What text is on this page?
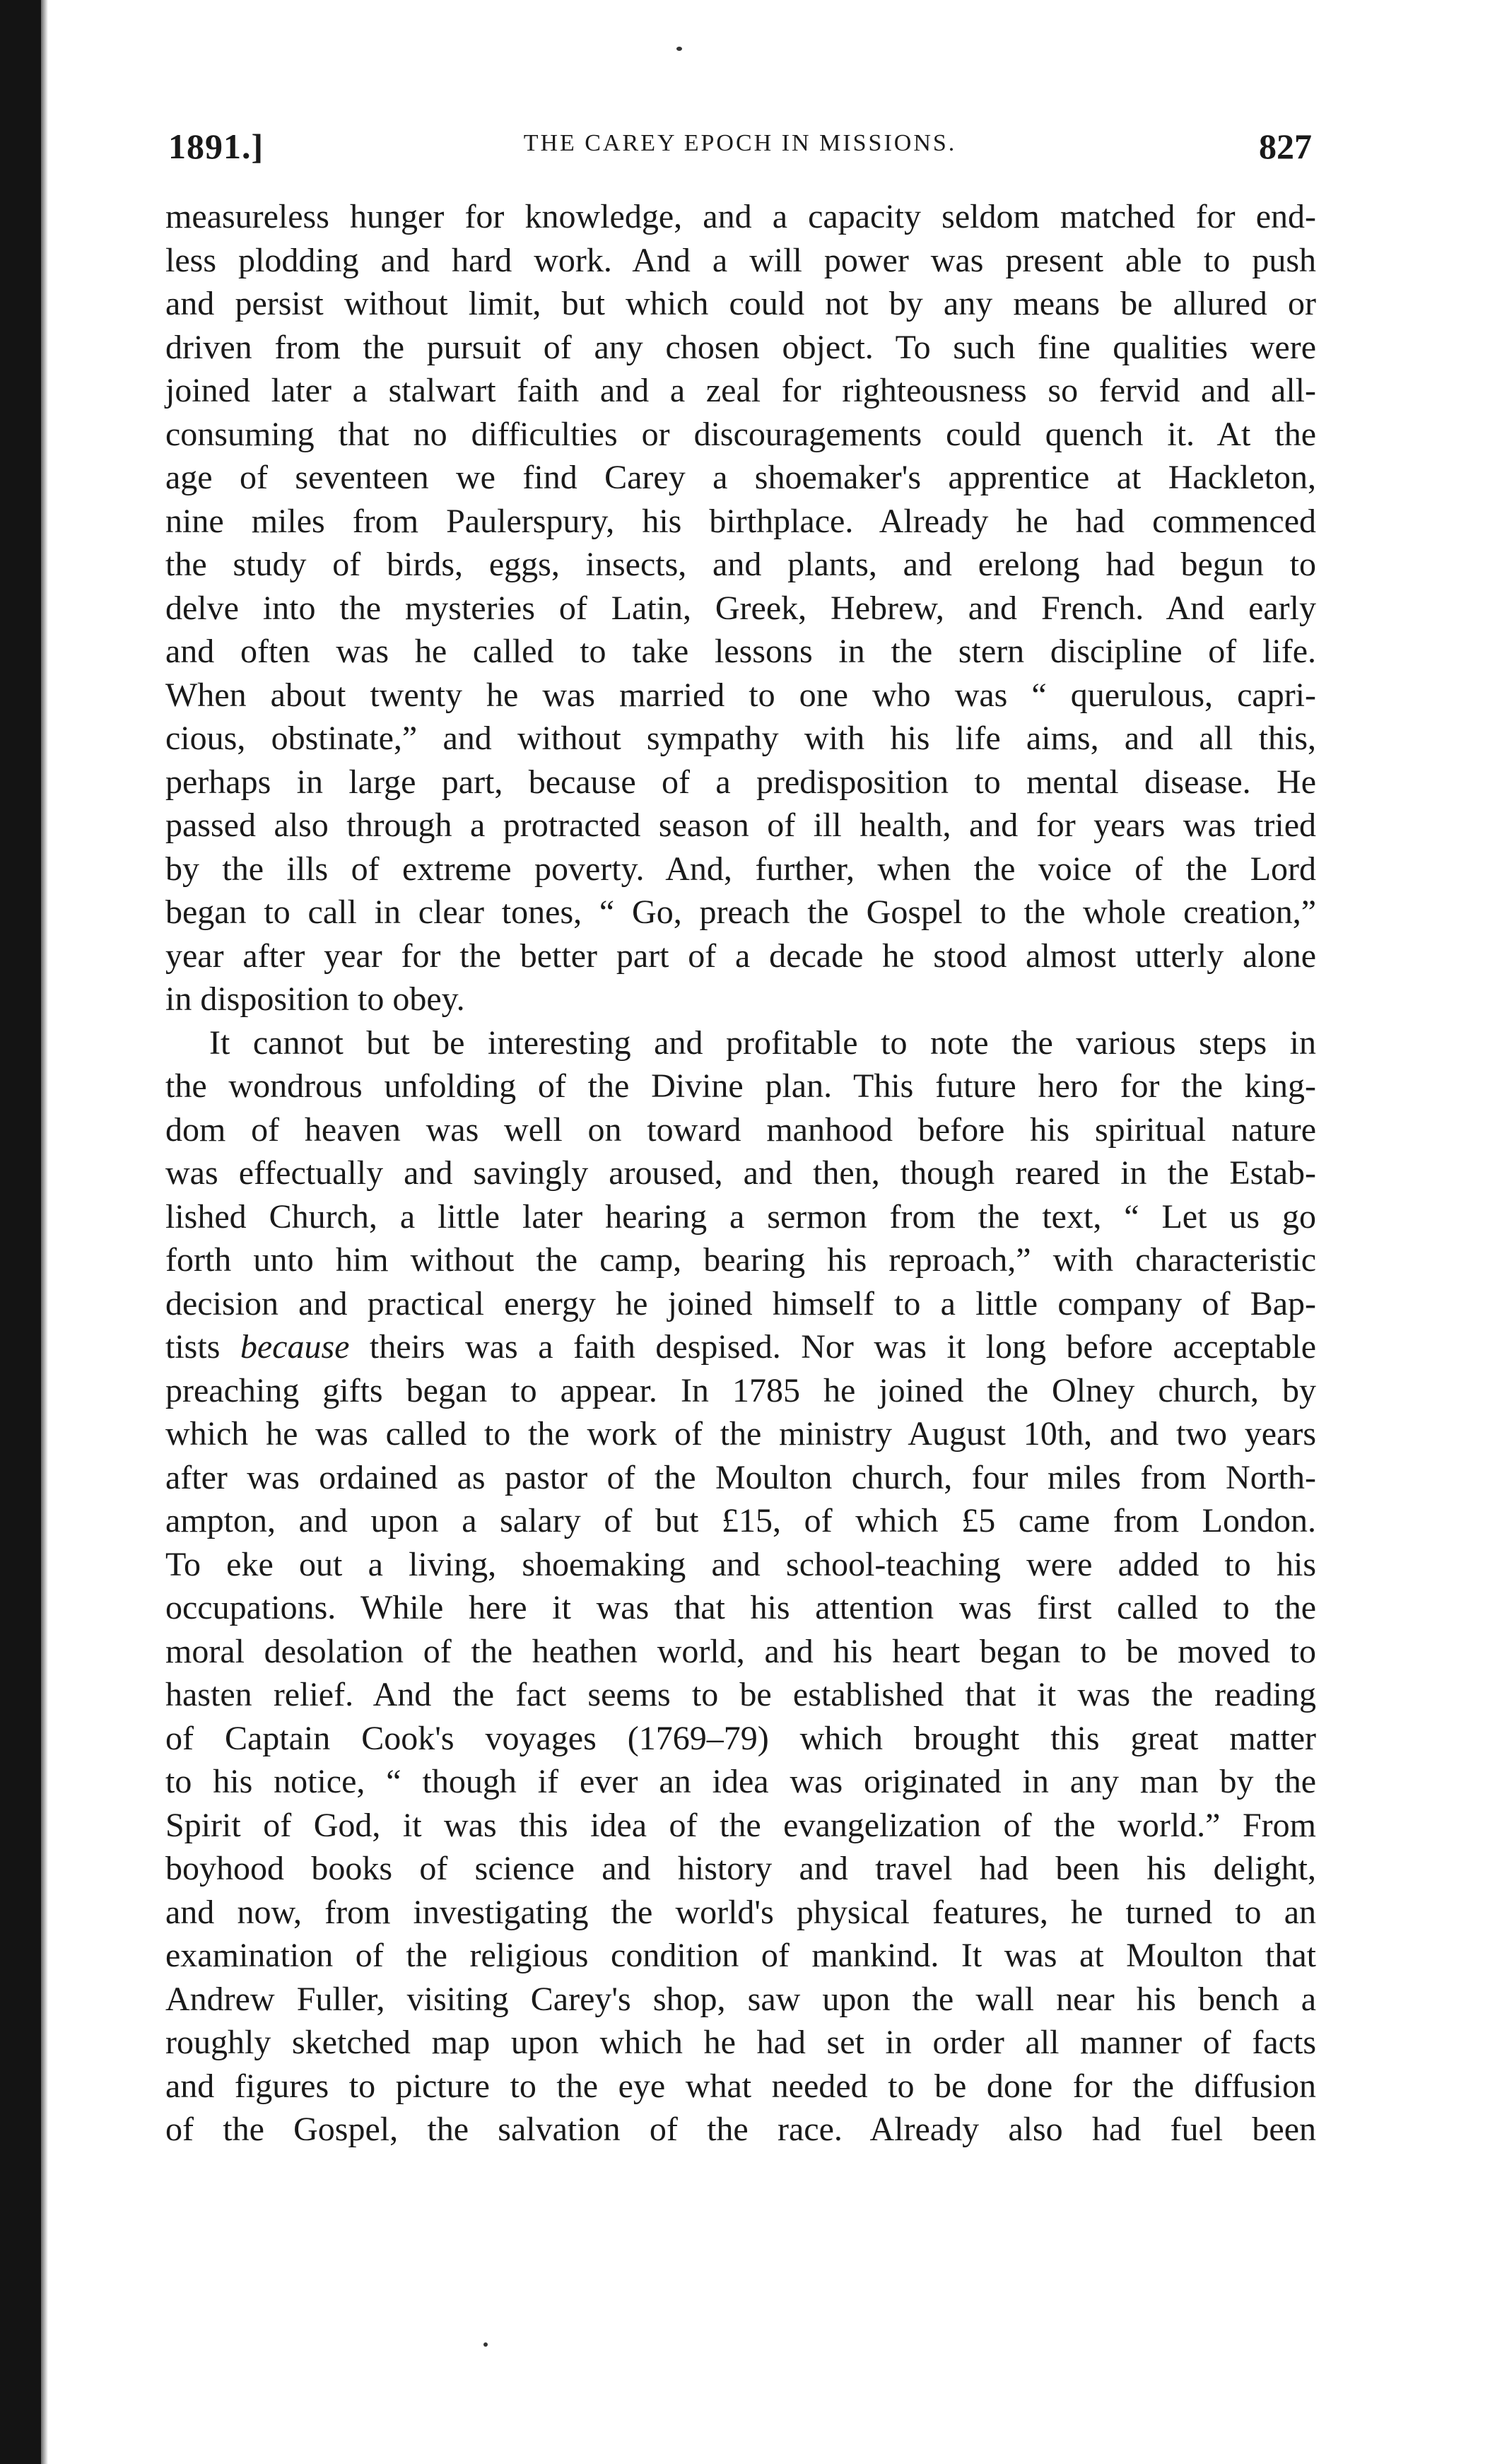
1891.]	THE CAREY EPOCH IN MISSIONS.	827
measureless hunger for knowledge, and a capacity seldom matched for end-
less plodding and hard work. And a will power was present able to push
and persist without limit, but which could not by any means be allured or
driven from the pursuit of any chosen object. To such fine qualities were
joined later a stalwart faith and a zeal for righteousness so fervid and all-
consuming that no difficulties or discouragements could quench it. At the
age of seventeen we find Carey a shoemaker's apprentice at Hackleton,
nine miles from Paulerspury, his birthplace. Already he had commenced
the study of birds, eggs, insects, and plants, and erelong had begun to
delve into the mysteries of Latin, Greek, Hebrew, and French. And early
and often was he called to take lessons in the stern discipline of life.
When about twenty he was married to one who was “ querulous, capri-
cious, obstinate,” and without sympathy with his life aims, and all this,
perhaps in large part, because of a predisposition to mental disease. He
passed also through a protracted season of ill health, and for years was tried
by the ills of extreme poverty. And, further, when the voice of the Lord
began to call in clear tones, “ Go, preach the Gospel to the whole creation,”
year after year for the better part of a decade he stood almost utterly alone
in disposition to obey.
It cannot but be interesting and profitable to note the various steps in
the wondrous unfolding of the Divine plan. This future hero for the king-
dom of heaven was well on toward manhood before his spiritual nature
was effectually and savingly aroused, and then, though reared in the Estab-
lished Church, a little later hearing a sermon from the text, “ Let us go
forth unto him without the camp, bearing his reproach,” with characteristic
decision and practical energy he joined himself to a little company of Bap-
tists because theirs was a faith despised. Nor was it long before acceptable
preaching gifts began to appear. In 1785 he joined the Olney church, by
which he was called to the work of the ministry August 10th, and two years
after was ordained as pastor of the Moulton church, four miles from North-
ampton, and upon a salary of but £15, of which £5 came from London.
To eke out a living, shoemaking and school-teaching were added to his
occupations. While here it was that his attention was first called to the
moral desolation of the heathen world, and his heart began to be moved to
hasten relief. And the fact seems to be established that it was the reading
of Captain Cook's voyages (1769–79) which brought this great matter
to his notice, “ though if ever an idea was originated in any man by the
Spirit of God, it was this idea of the evangelization of the world.” From
boyhood books of science and history and travel had been his delight,
and now, from investigating the world's physical features, he turned to an
examination of the religious condition of mankind. It was at Moulton that
Andrew Fuller, visiting Carey's shop, saw upon the wall near his bench a
roughly sketched map upon which he had set in order all manner of facts
and figures to picture to the eye what needed to be done for the diffusion
of the Gospel, the salvation of the race. Already also had fuel been
